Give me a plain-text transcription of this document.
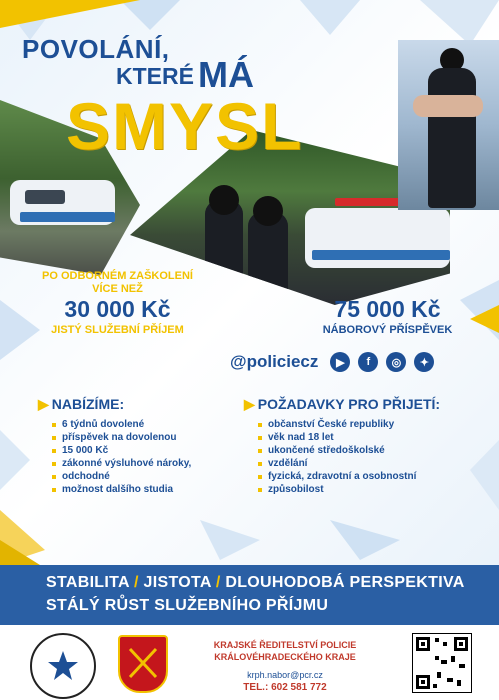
POVOLÁNÍ,
KTERÉ MÁ
SMYSL
PO ODBORNÉM ZAŠKOLENÍ
VÍCE NEŽ
30 000 Kč
JISTÝ SLUŽEBNÍ PŘÍJEM
75 000 Kč
NÁBOROVÝ PŘÍSPĚVEK
@policiecz	▶	f	◎	✦
▶ NABÍZÍME:
6 týdnů dovolené
příspěvek na dovolenou
15 000 Kč
zákonné výsluhové nároky,
odchodné
možnost dalšího studia
▶ POŽADAVKY PRO PŘIJETÍ:
občanství České republiky
věk nad 18 let
ukončené středoškolské
vzdělání
fyzická, zdravotní a osobnostní
způsobilost
STABILITA / JISTOTA / DLOUHODOBÁ PERSPEKTIVA
STÁLÝ RŮST SLUŽEBNÍHO PŘÍJMU
KRAJSKÉ ŘEDITELSTVÍ POLICIE
KRÁLOVÉHRADECKÉHO KRAJE
krph.nabor@pcr.cz
TEL.: 602 581 772
